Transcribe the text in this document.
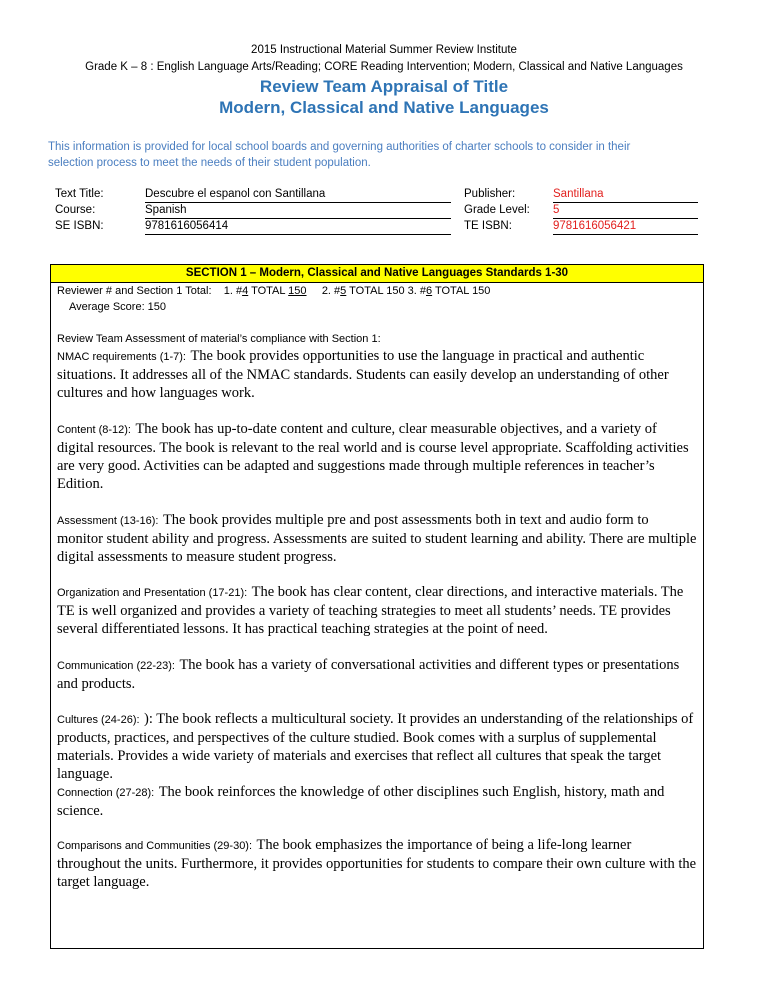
2015 Instructional Material Summer Review Institute
Grade K – 8 : English Language Arts/Reading; CORE Reading Intervention; Modern, Classical and Native Languages
Review Team Appraisal of Title
Modern, Classical and Native Languages
This information is provided for local school boards and governing authorities of charter schools to consider in their selection process to meet the needs of their student population.
Text Title:
Course:
SE ISBN:
Descubre el espanol con Santillana
Spanish
9781616056414
Publisher:
Grade Level:
TE ISBN:
Santillana
5
9781616056421
SECTION 1 – Modern, Classical and Native Languages Standards 1-30
Reviewer # and Section 1 Total: 1. #4 TOTAL 150 2. #5 TOTAL 150 3. #6 TOTAL 150
Average Score: 150
Review Team Assessment of material’s compliance with Section 1:
NMAC requirements (1-7): The book provides opportunities to use the language in practical and authentic situations. It addresses all of the NMAC standards. Students can easily develop an understanding of other cultures and how languages work.
Content (8-12): The book has up-to-date content and culture, clear measurable objectives, and a variety of digital resources. The book is relevant to the real world and is course level appropriate. Scaffolding activities are very good. Activities can be adapted and suggestions made through multiple references in teacher’s Edition.
Assessment (13-16): The book provides multiple pre and post assessments both in text and audio form to monitor student ability and progress. Assessments are suited to student learning and ability. There are multiple digital assessments to measure student progress.
Organization and Presentation (17-21): The book has clear content, clear directions, and interactive materials. The TE is well organized and provides a variety of teaching strategies to meet all students’ needs. TE provides several differentiated lessons. It has practical teaching strategies at the point of need.
Communication (22-23): The book has a variety of conversational activities and different types or presentations and products.
Cultures (24-26): ): The book reflects a multicultural society. It provides an understanding of the relationships of products, practices, and perspectives of the culture studied. Book comes with a surplus of supplemental materials. Provides a wide variety of materials and exercises that reflect all cultures that speak the target language.
Connection (27-28): The book reinforces the knowledge of other disciplines such English, history, math and science.
Comparisons and Communities (29-30): The book emphasizes the importance of being a life-long learner throughout the units. Furthermore, it provides opportunities for students to compare their own culture with the target language.
